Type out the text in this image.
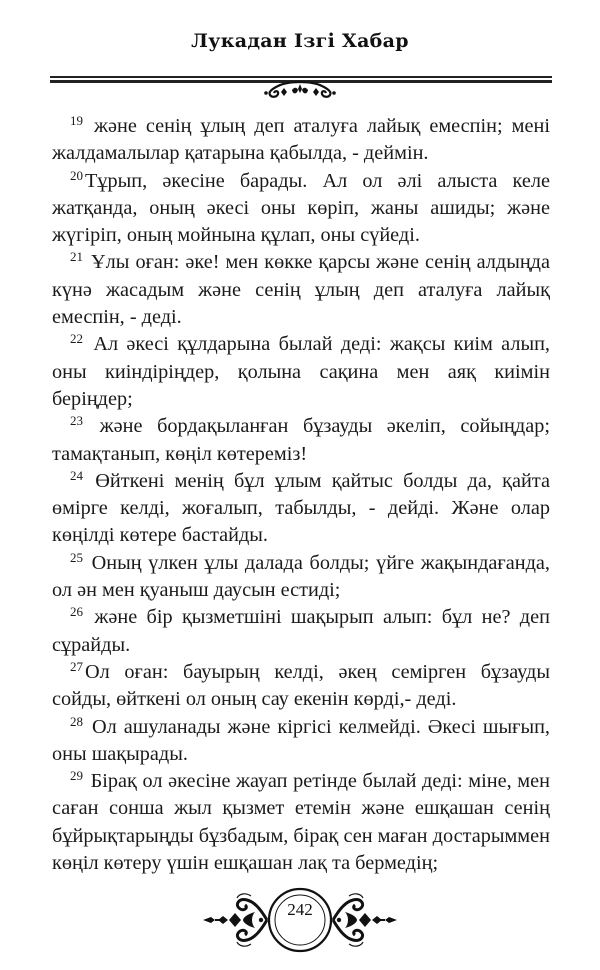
Лукадан Ізгі Хабар

$^{19}$ және сенің ұлың деп аталуға лайық емеспін; мені жалдамалылар қатарына қабылда, - деймін.

$^{20}$Тұрып, әкесіне барады. Ал ол әлі алыста келе жатқанда, оның әкесі оны көріп, жаны ашиды; және жүгіріп, оның мойнына құлап, оны сүйеді.

$^{21}$ Ұлы оған: әке! мен көкке қарсы және сенің алдыңда күнә жасадым және сенің ұлың деп аталуға лайық емеспін, - деді.

$^{22}$ Ал әкесі құлдарына былай деді: жақсы киім алып, оны киіндіріңдер, қолына сақина мен аяқ киімін беріңдер;

$^{23}$ және бордақыланған бұзауды әкеліп, сойыңдар; тамақтанып, көңіл көтереміз!

$^{24}$ Өйткені менің бұл ұлым қайтыс болды да, қайта өмірге келді, жоғалып, табылды, - дейді. Және олар көңілді көтере бастайды.

$^{25}$ Оның үлкен ұлы далада болды; үйге жақындағанда, ол ән мен қуаныш даусын естиді;

$^{26}$ және бір қызметшіні шақырып алып: бұл не? деп сұрайды.

$^{27}$Ол оған: бауырың келді, әкең семірген бұзауды сойды, өйткені ол оның сау екенін көрді,- деді.

$^{28}$ Ол ашуланады және кіргісі келмейді. Әкесі шығып, оны шақырады.

$^{29}$ Бірақ ол әкесіне жауап ретінде былай деді: міне, мен саған сонша жыл қызмет етемін және ешқашан сенің бұйрықтарыңды бұзбадым, бірақ сен маған достарыммен көңіл көтеру үшін ешқашан лақ та бермедің;

242
